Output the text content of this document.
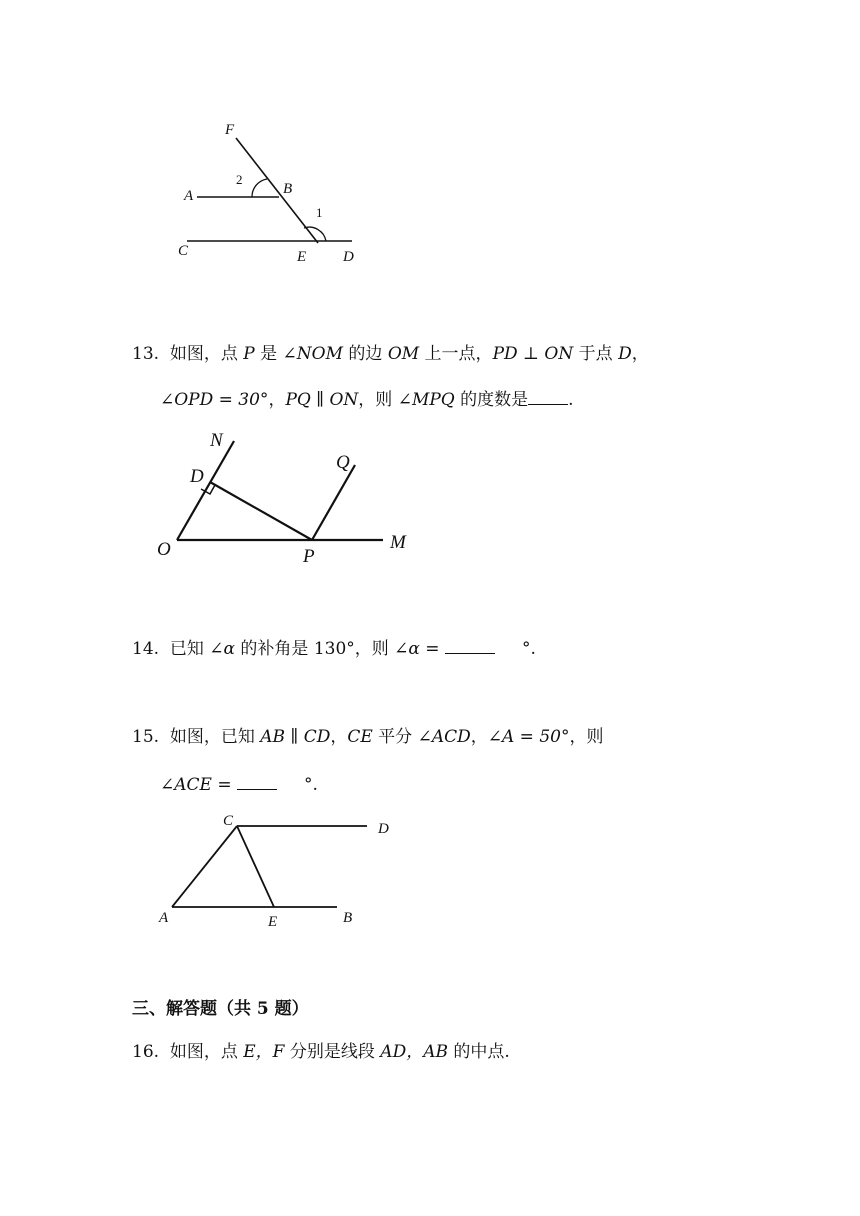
F
A	B
C	E D
2
1
13. 如图，点 P 是 ∠NOM 的边 OM 上一点，PD ⊥ ON 于点 D，
∠OPD = 30°，PQ ∥ ON，则 ∠MPQ 的度数是 .
N
D
Q
O	P
M
14. 已知 ∠α 的补角是 130°，则 ∠α =	°.
15. 如图，已知 AB ∥ CD，CE 平分 ∠ACD，∠A = 50°，则
∠ACE =	°.
C	D
A	E	B
三、解答题（共 5 题）
16. 如图，点 E，F 分别是线段 AD，AB 的中点.
